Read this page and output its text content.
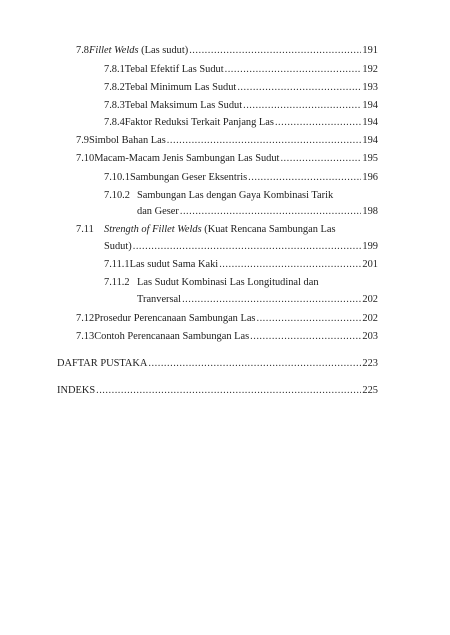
7.8 Fillet Welds (Las sudut) .....	191
7.8.1 Tebal Efektif Las Sudut .....	192
7.8.2 Tebal Minimum Las Sudut .....	193
7.8.3 Tebal Maksimum Las Sudut .....	194
7.8.4 Faktor Reduksi Terkait Panjang Las .....	194
7.9 Simbol Bahan Las .....	194
7.10 Macam-Macam Jenis Sambungan Las Sudut .....	195
7.10.1 Sambungan Geser Eksentris .....	196
7.10.2 Sambungan Las dengan Gaya Kombinasi Tarik
dan Geser .....	198
7.11 Strength of Fillet Welds (Kuat Rencana Sambungan Las
Sudut) .....	199
7.11.1 Las sudut Sama Kaki .....	201
7.11.2 Las Sudut Kombinasi Las Longitudinal dan
Tranversal .....	202
7.12 Prosedur Perencanaan Sambungan Las .....	202
7.13 Contoh Perencanaan Sambungan Las .....	203
DAFTAR PUSTAKA .....	223
INDEKS .....	225
